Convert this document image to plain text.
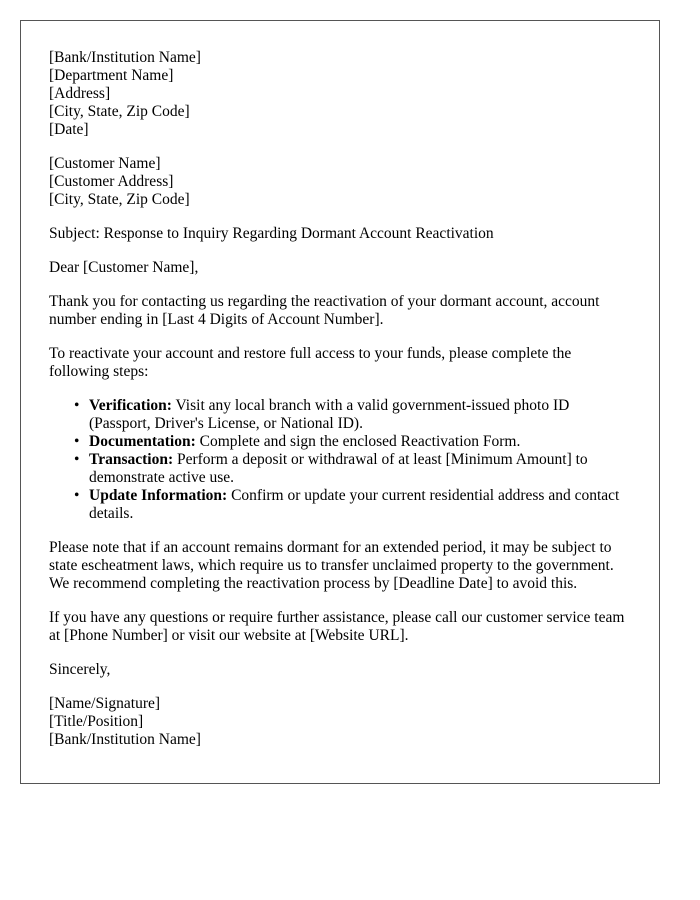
[Bank/Institution Name]
[Department Name]
[Address]
[City, State, Zip Code]
[Date]
[Customer Name]
[Customer Address]
[City, State, Zip Code]

Subject: Response to Inquiry Regarding Dormant Account Reactivation

Dear [Customer Name],

Thank you for contacting us regarding the reactivation of your dormant account, account number ending in [Last 4 Digits of Account Number].

To reactivate your account and restore full access to your funds, please complete the following steps:

• Verification: Visit any local branch with a valid government-issued photo ID (Passport, Driver's License, or National ID).
• Documentation: Complete and sign the enclosed Reactivation Form.
• Transaction: Perform a deposit or withdrawal of at least [Minimum Amount] to demonstrate active use.
• Update Information: Confirm or update your current residential address and contact details.

Please note that if an account remains dormant for an extended period, it may be subject to state escheatment laws, which require us to transfer unclaimed property to the government. We recommend completing the reactivation process by [Deadline Date] to avoid this.

If you have any questions or require further assistance, please call our customer service team at [Phone Number] or visit our website at [Website URL].

Sincerely,

[Name/Signature]
[Title/Position]
[Bank/Institution Name]
